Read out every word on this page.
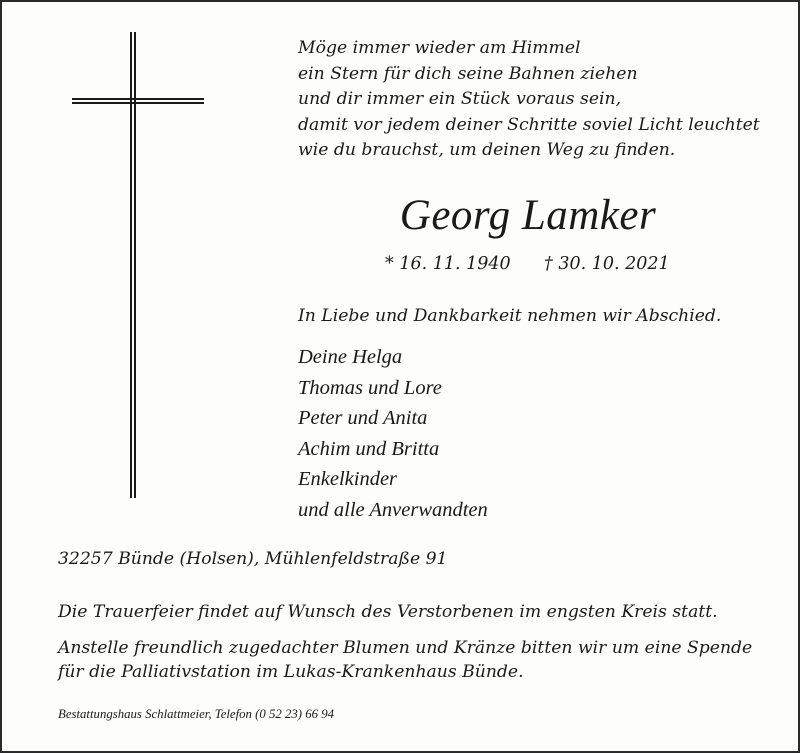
Möge immer wieder am Himmel
ein Stern für dich seine Bahnen ziehen
und dir immer ein Stück voraus sein,
damit vor jedem deiner Schritte soviel Licht leuchtet
wie du brauchst, um deinen Weg zu finden.
Georg Lamker
* 16. 11. 1940 † 30. 10. 2021
In Liebe und Dankbarkeit nehmen wir Abschied.
Deine Helga
Thomas und Lore
Peter und Anita
Achim und Britta
Enkelkinder
und alle Anverwandten
32257 Bünde (Holsen), Mühlenfeldstraße 91
Die Trauerfeier findet auf Wunsch des Verstorbenen im engsten Kreis statt.
Anstelle freundlich zugedachter Blumen und Kränze bitten wir um eine Spende
für die Palliativstation im Lukas-Krankenhaus Bünde.
Bestattungshaus Schlattmeier, Telefon (0 52 23) 66 94
